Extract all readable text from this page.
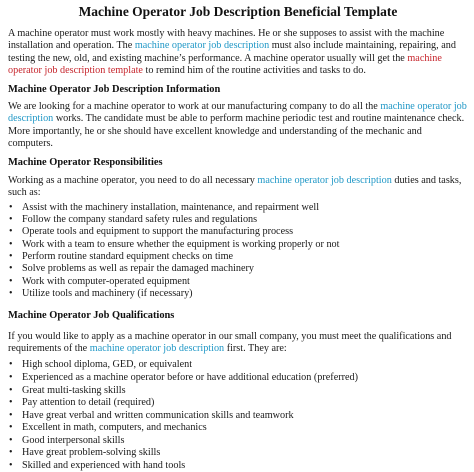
Machine Operator Job Description Beneficial Template

A machine operator must work mostly with heavy machines. He or she supposes to assist with the machine installation and operation. The machine operator job description must also include maintaining, repairing, and testing the new, old, and existing machine’s performance. A machine operator usually will get the machine operator job description template to remind him of the routine activities and tasks to do.

Machine Operator Job Description Information

We are looking for a machine operator to work at our manufacturing company to do all the machine operator job description works. The candidate must be able to perform machine periodic test and routine maintenance check. More importantly, he or she should have excellent knowledge and understanding of the mechanic and computers.

Machine Operator Responsibilities

Working as a machine operator, you need to do all necessary machine operator job description duties and tasks, such as:

• Assist with the machinery installation, maintenance, and repairment well
• Follow the company standard safety rules and regulations
• Operate tools and equipment to support the manufacturing process
• Work with a team to ensure whether the equipment is working properly or not
• Perform routine standard equipment checks on time
• Solve problems as well as repair the damaged machinery
• Work with computer-operated equipment
• Utilize tools and machinery (if necessary)
Machine Operator Job Qualifications

If you would like to apply as a machine operator in our small company, you must meet the qualifications and requirements of the machine operator job description first. They are:

• High school diploma, GED, or equivalent
• Experienced as a machine operator before or have additional education (preferred)
• Great multi-tasking skills
• Pay attention to detail (required)
• Have great verbal and written communication skills and teamwork
• Excellent in math, computers, and mechanics
• Good interpersonal skills
• Have great problem-solving skills
• Skilled and experienced with hand tools
